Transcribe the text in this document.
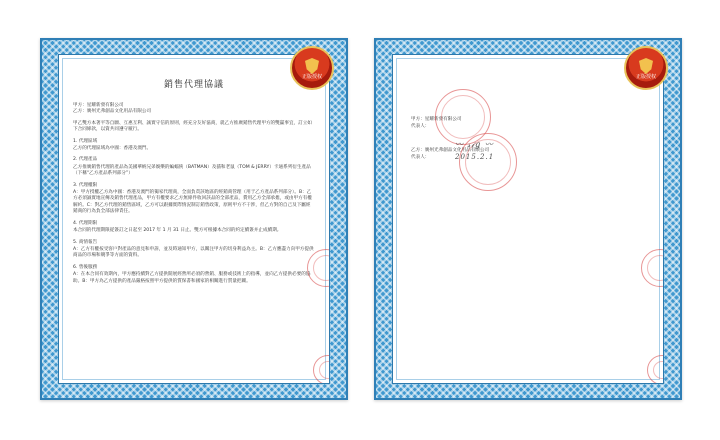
銷售代理協議

甲方：星耀新發有限公司

乙方：廣州光弗創品文化用品有限公司

甲乙雙方本著平等自願、互惠互利、誠實守信的原則，經充分友好協商，就乙方推廣銷售代理甲方的雙贏事宜，訂立如下合同條款，以資共同遵守履行。

1. 代理區域

乙方的代理區域為中國：香港及澳門。

2. 代理產品

乙方推廣銷售代理的產品為美國華納兄弟娛樂的蝙蝠俠（BATMAN）及貓和老鼠（TOM & JERRY）卡通系列衍生產品（下稱“乙方產品系列部分”）

3. 代理權限

A：甲方授權乙方為中國：香港及澳門的獨家代理商，全面負責該地區的經銷商管理（用于乙方產品系列部分）。B：乙方必須誠實地宣傳及銷售代理產品，甲方有權要求乙方無條件收回該品的全部產品，費用乙方全部承擔，或由甲方有權解約。C：對乙方代理的銷售區域，乙方可以跟據實際情況制訂銷售政策，原則甲方不干涉，但乙方對的自己及下屬經銷商的行為負全部法律責任。

4. 代理期限

本合同的代理期限從簽訂之日起至 2017 年 1 月 31 日止。雙方可根據本合同的約定續簽并止成續期。

5. 商情報告

A：乙方有權按受客戶對產品的意見和申訴，並及時通知甲方，以關注甲方的切身利益為主。B：乙方應盡力向甲方提供商品的市場和競爭等方面的資料。

6. 售後服務

A：在本合同有效期內，甲方應持續對乙方提供開展經營所必須的營銷、服務或技術上的指導，並向乙方提供必要的協助。B：甲方為乙方提供的產品嚴格按照甲方提供的質保書和國家的相關進行質量把關。

正版授权

甲方：星耀新發有限公司

代表人：

乙方：廣州光弗創品文化用品有限公司

代表人：

〰︎ 𝓈𝒾𝑔 〰︎
2015.2.1
正版授权
